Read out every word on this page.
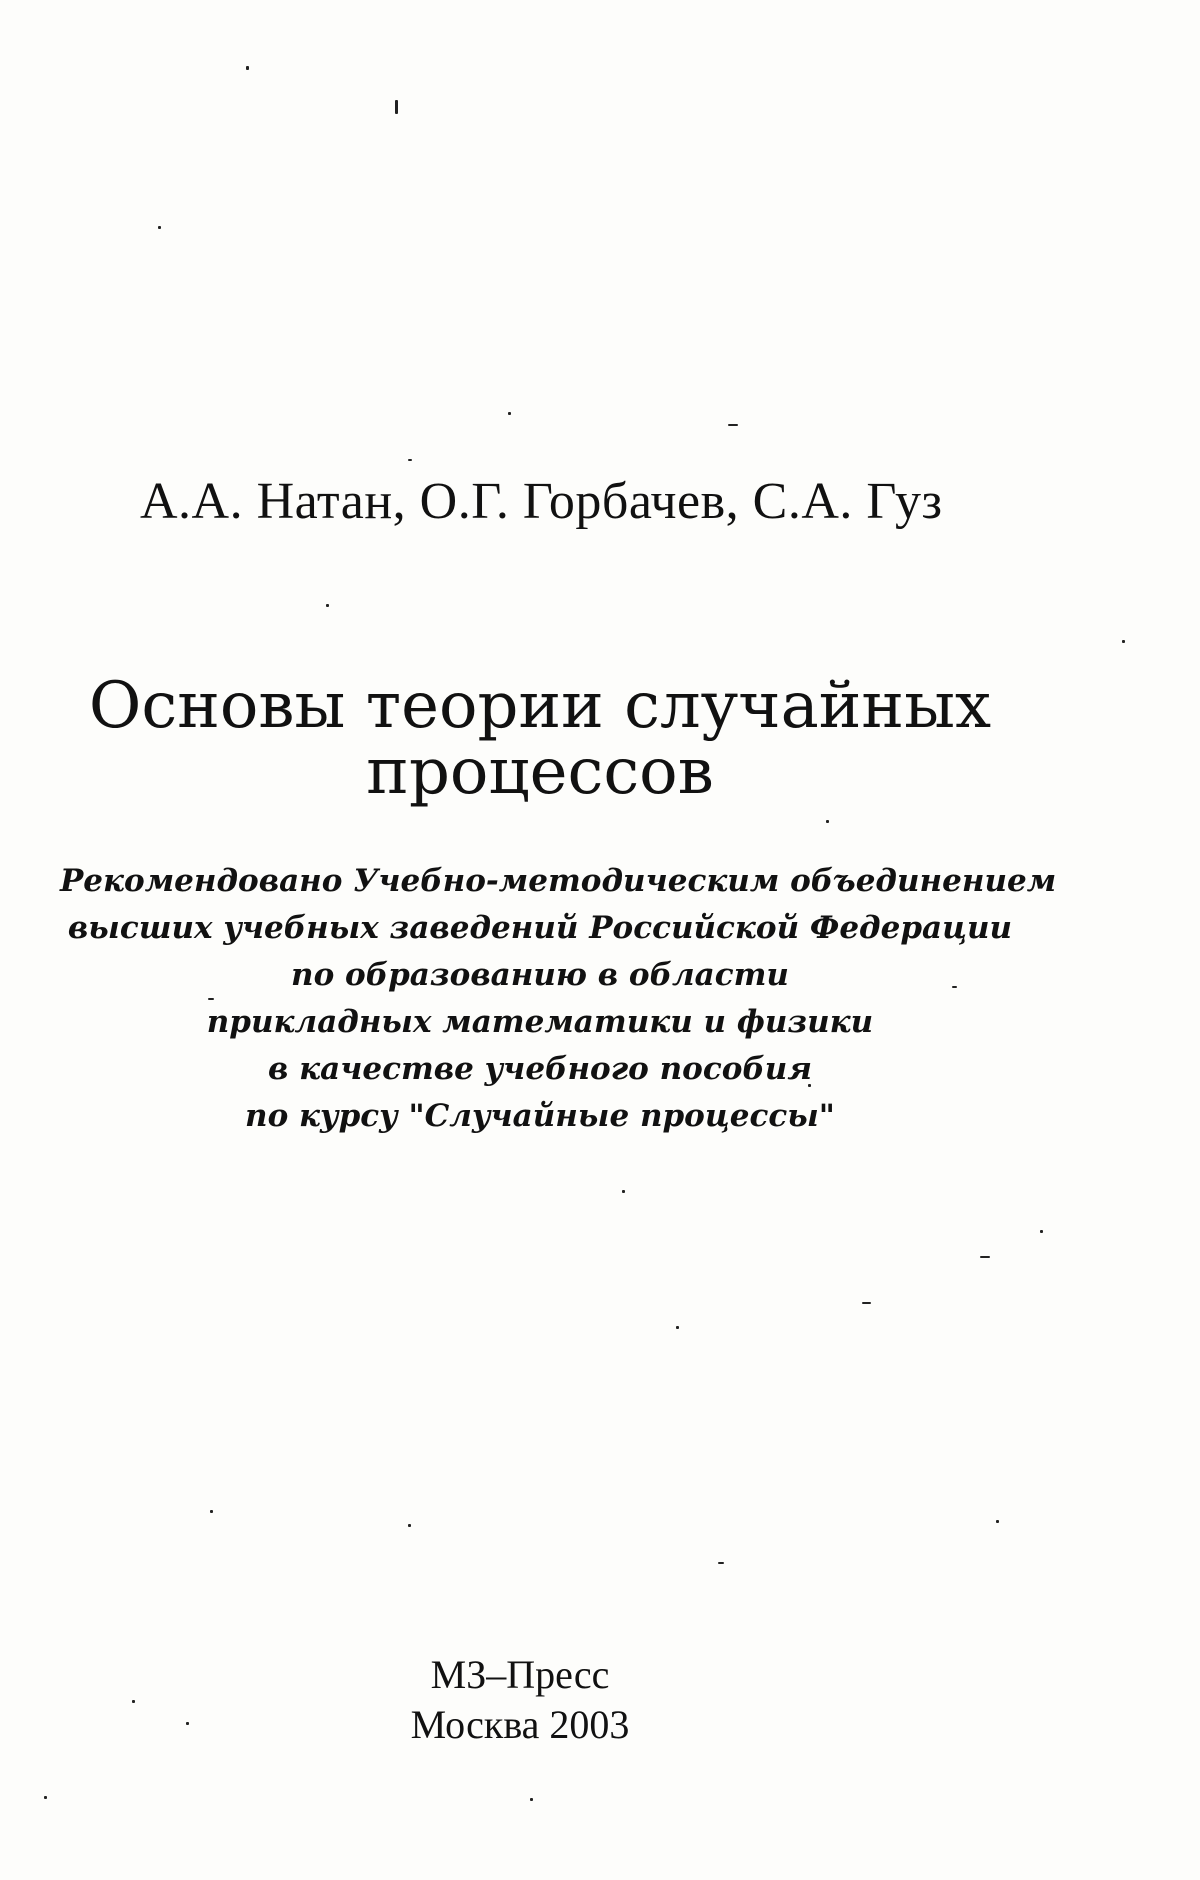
А.А. Натан, О.Г. Горбачев, С.А. Гуз
Основы теории случайных
процессов
Рекомендовано Учебно-методическим объединением
высших учебных заведений Российской Федерации
по образованию в области
прикладных математики и физики
в качестве учебного пособия
по курсу "Случайные процессы"
МЗ–Пресс
Москва 2003
